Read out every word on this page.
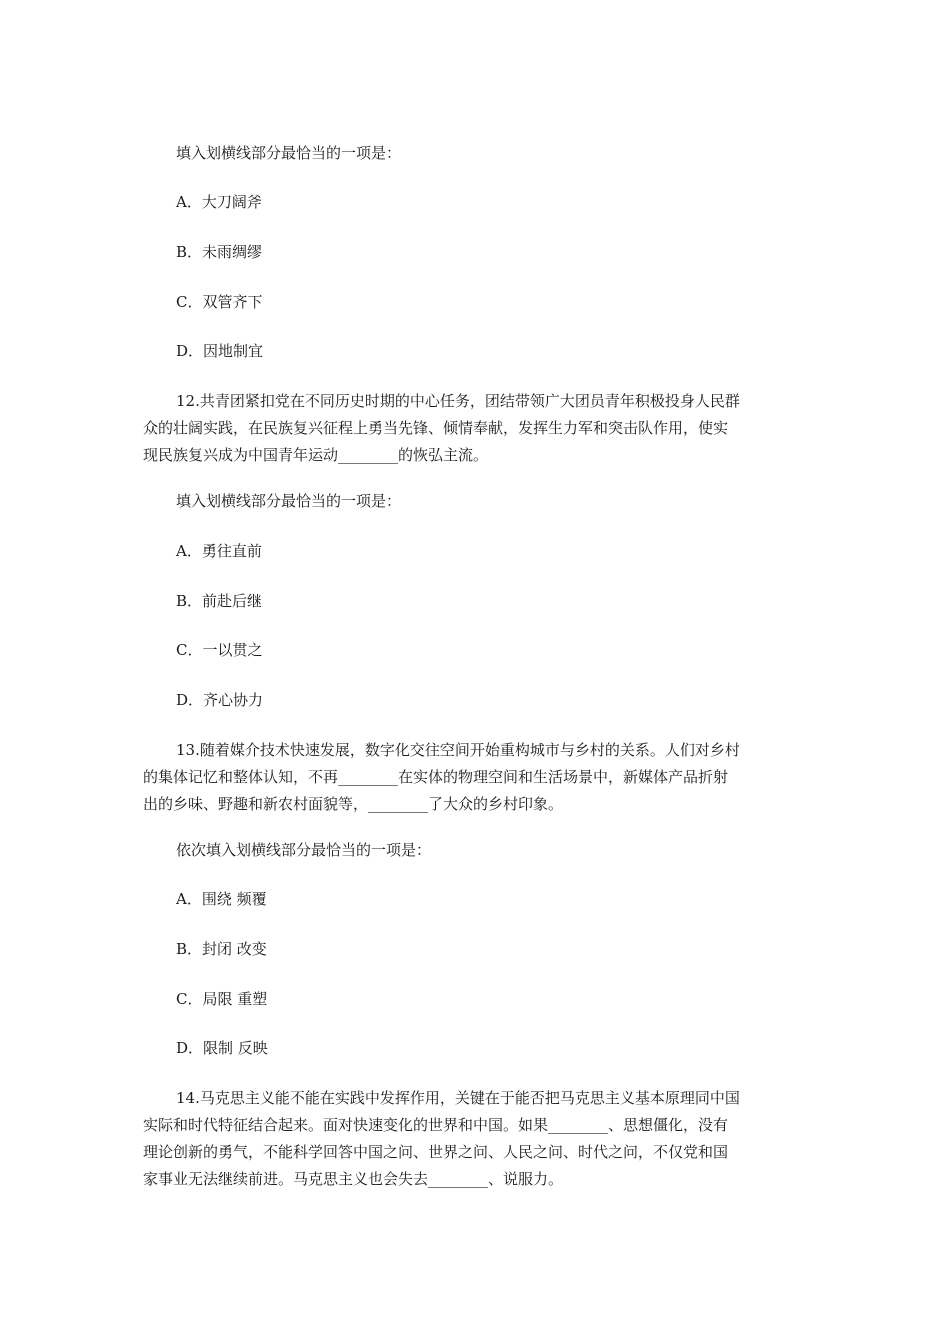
填入划横线部分最恰当的一项是：
A．大刀阔斧
B．未雨绸缪
C．双管齐下
D．因地制宜
12.共青团紧扣党在不同历史时期的中心任务，团结带领广大团员青年积极投身人民群
众的壮阔实践，在民族复兴征程上勇当先锋、倾情奉献，发挥生力军和突击队作用，使实
现民族复兴成为中国青年运动________的恢弘主流。
填入划横线部分最恰当的一项是：
A．勇往直前
B．前赴后继
C．一以贯之
D．齐心协力
13.随着媒介技术快速发展，数字化交往空间开始重构城市与乡村的关系。人们对乡村
的集体记忆和整体认知，不再________在实体的物理空间和生活场景中，新媒体产品折射
出的乡味、野趣和新农村面貌等，________了大众的乡村印象。
依次填入划横线部分最恰当的一项是：
A．围绕 频覆
B．封闭 改变
C．局限 重塑
D．限制 反映
14.马克思主义能不能在实践中发挥作用，关键在于能否把马克思主义基本原理同中国
实际和时代特征结合起来。面对快速变化的世界和中国。如果________、思想僵化，没有
理论创新的勇气，不能科学回答中国之问、世界之问、人民之问、时代之问，不仅党和国
家事业无法继续前进。马克思主义也会失去________、说服力。
